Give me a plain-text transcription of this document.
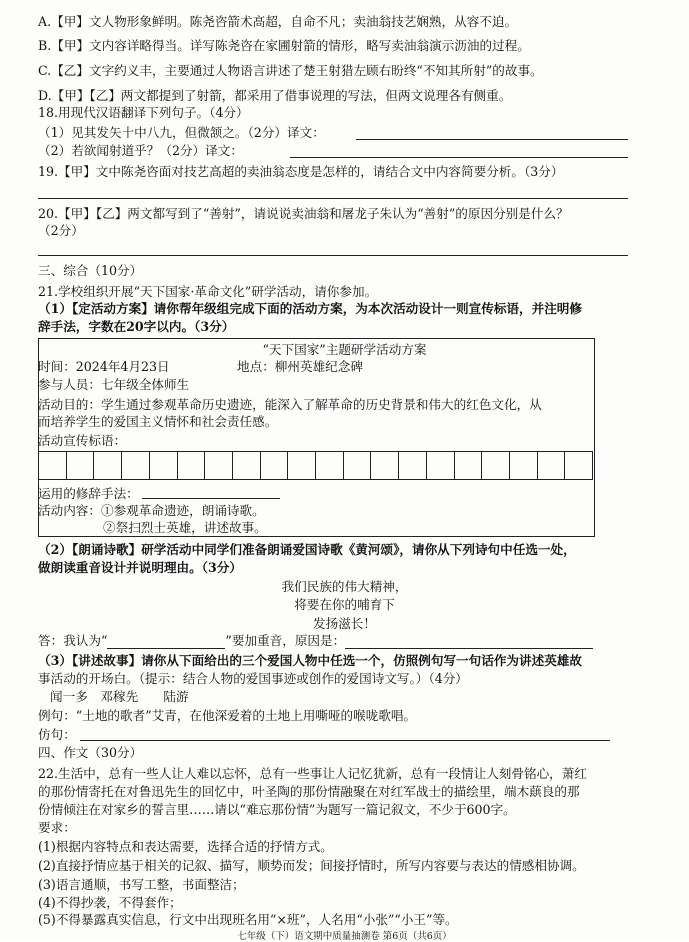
A.【甲】文人物形象鲜明。陈尧咨箭术高超，自命不凡；卖油翁技艺娴熟，从容不迫。
B.【甲】文内容详略得当。详写陈尧咨在家圃射箭的情形，略写卖油翁演示沥油的过程。
C.【乙】文字约义丰，主要通过人物语言讲述了楚王射猎左顾右盼终“不知其所射”的故事。
D.【甲】【乙】两文都提到了射箭，都采用了借事说理的写法，但两文说理各有侧重。
18.用现代汉语翻译下列句子。（4分）
（1）见其发矢十中八九，但微颔之。（2分）译文：
（2）若欲闻射道乎？（2分）译文：
19.【甲】文中陈尧咨面对技艺高超的卖油翁态度是怎样的，请结合文中内容简要分析。（3分）
20.【甲】【乙】两文都写到了“善射”，请说说卖油翁和屠龙子朱认为“善射”的原因分别是什么？
（2分）
三、综合（10分）
21.学校组织开展“天下国家·革命文化”研学活动，请你参加。
（1）【定活动方案】请你帮年级组完成下面的活动方案，为本次活动设计一则宣传标语，并注明修
辞手法，字数在20字以内。（3分）
“天下国家”主题研学活动方案
时间：2024年4月23日	地点：柳州英雄纪念碑
参与人员：七年级全体师生
活动目的：学生通过参观革命历史遗迹，能深入了解革命的历史背景和伟大的红色文化，从
而培养学生的爱国主义情怀和社会责任感。
活动宣传标语：
运用的修辞手法：
活动内容：①参观革命遗迹，朗诵诗歌。
②祭扫烈士英雄，讲述故事。
（2）【朗诵诗歌】研学活动中同学们准备朗诵爱国诗歌《黄河颂》，请你从下列诗句中任选一处，
做朗读重音设计并说明理由。（3分）
我们民族的伟大精神，
将要在你的哺育下
发扬滋长！
答：我认为“	”要加重音，原因是：
（3）【讲述故事】请你从下面给出的三个爱国人物中任选一个，仿照例句写一句话作为讲述英雄故
事活动的开场白。（提示：结合人物的爱国事迹或创作的爱国诗文写。）（4分）
闻一多　邓稼先　　陆游
例句：“土地的歌者”艾青，在他深爱着的土地上用嘶哑的喉咙歌唱。
仿句：
四、作文（30分）
22.生活中，总有一些人让人难以忘怀，总有一些事让人记忆犹新，总有一段情让人刻骨铭心，萧红
的那份情寄托在对鲁迅先生的回忆中，叶圣陶的那份情融聚在对红军战士的描绘里，端木蕻良的那
份情倾注在对家乡的誓言里……请以“难忘那份情”为题写一篇记叙文，不少于600字。
要求：
(1)根据内容特点和表达需要，选择合适的抒情方式。
(2)直接抒情应基于相关的记叙、描写，顺势而发；间接抒情时，所写内容要与表达的情感相协调。
(3)语言通顺，书写工整，书面整洁；
(4)不得抄袭，不得套作；
(5)不得暴露真实信息，行文中出现班名用“×班”，人名用“小张”“小王”等。
七年级（下）语文期中质量抽测卷 第6页（共6页）
